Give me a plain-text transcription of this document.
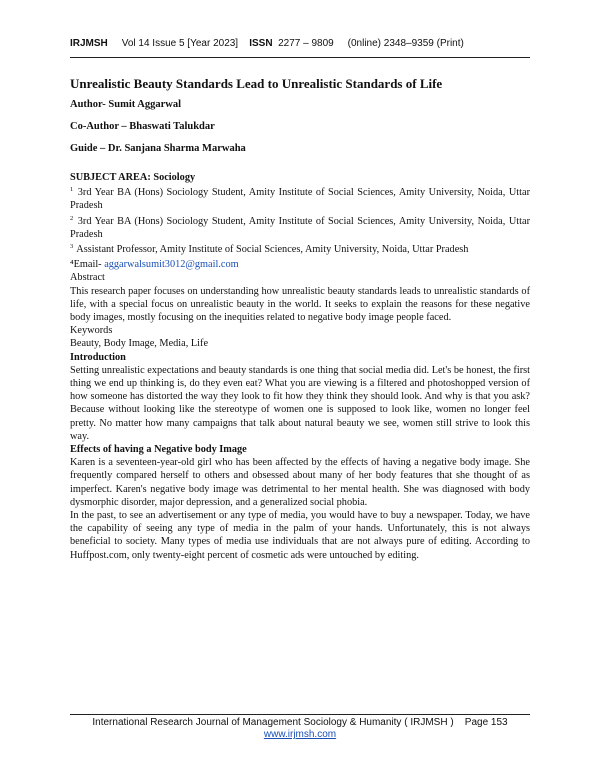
IRJMSH Vol 14 Issue 5 [Year 2023] ISSN 2277 – 9809 (0nline) 2348–9359 (Print)
Unrealistic Beauty Standards Lead to Unrealistic Standards of Life
Author- Sumit Aggarwal
Co-Author – Bhaswati Talukdar
Guide – Dr. Sanjana Sharma Marwaha
SUBJECT AREA: Sociology
$^1$ 3rd Year BA (Hons) Sociology Student, Amity Institute of Social Sciences, Amity University, Noida, Uttar Pradesh
$^2$ 3rd Year BA (Hons) Sociology Student, Amity Institute of Social Sciences, Amity University, Noida, Uttar Pradesh
$^3$ Assistant Professor, Amity Institute of Social Sciences, Amity University, Noida, Uttar Pradesh
⁴Email- aggarwalsumit3012@gmail.com
Abstract

This research paper focuses on understanding how unrealistic beauty standards leads to unrealistic standards of life, with a special focus on unrealistic beauty in the world. It seeks to explain the reasons for these negative body images, mostly focusing on the inequities related to negative body image people faced.

Keywords
Beauty, Body Image, Media, Life
Introduction

Setting unrealistic expectations and beauty standards is one thing that social media did. Let's be honest, the first thing we end up thinking is, do they even eat? What you are viewing is a filtered and photoshopped version of how someone has distorted the way they look to fit how they think they should look. And why is that you ask? Because without looking like the stereotype of women one is supposed to look like, women no longer feel pretty. No matter how many campaigns that talk about natural beauty we see, women still strive to look this way.

Effects of having a Negative body Image

Karen is a seventeen-year-old girl who has been affected by the effects of having a negative body image. She frequently compared herself to others and obsessed about many of her body features that she thought of as imperfect. Karen's negative body image was detrimental to her mental health. She was diagnosed with body dysmorphic disorder, major depression, and a generalized social phobia.

In the past, to see an advertisement or any type of media, you would have to buy a newspaper. Today, we have the capability of seeing any type of media in the palm of your hands. Unfortunately, this is not always beneficial to society. Many types of media use individuals that are not always pure of editing. According to Huffpost.com, only twenty-eight percent of cosmetic ads were untouched by editing.

International Research Journal of Management Sociology & Humanity ( IRJMSH ) Page 153
www.irjmsh.com
